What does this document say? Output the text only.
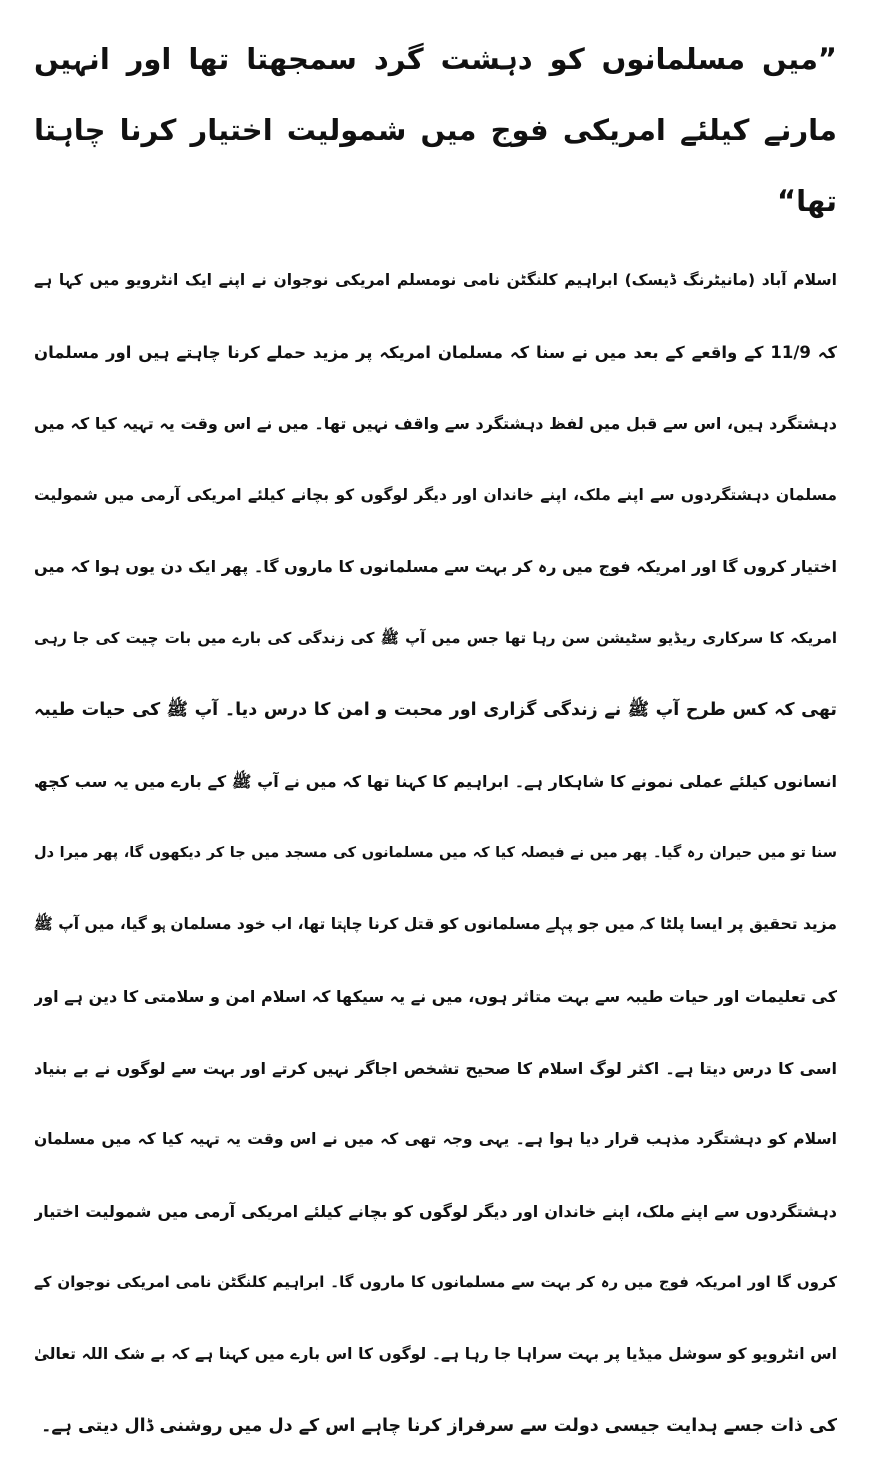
”میں مسلمانوں کو دہشت گرد سمجھتا تھا اور انہیں مارنے کیلئے امریکی فوج میں شمولیت اختیار کرنا چاہتا تھا“
اسلام آباد (مانیٹرنگ ڈیسک) ابراہیم کلنگٹن نامی نومسلم امریکی نوجوان نے اپنے ایک انٹرویو میں کہا ہے
کہ 11/9 کے واقعے کے بعد میں نے سنا کہ مسلمان امریکہ پر مزید حملے کرنا چاہتے ہیں اور مسلمان
دہشتگرد ہیں، اس سے قبل میں لفظ دہشتگرد سے واقف نہیں تھا۔ میں نے اس وقت یہ تہیہ کیا کہ میں
مسلمان دہشتگردوں سے اپنے ملک، اپنے خاندان اور دیگر لوگوں کو بچانے کیلئے امریکی آرمی میں شمولیت
اختیار کروں گا اور امریکہ فوج میں رہ کر بہت سے مسلمانوں کا ماروں گا۔ پھر ایک دن یوں ہوا کہ میں
امریکہ کا سرکاری ریڈیو سٹیشن سن رہا تھا جس میں آپ ﷺ کی زندگی کی بارے میں بات چیت کی جا رہی
تھی کہ کس طرح آپ ﷺ نے زندگی گزاری اور محبت و امن کا درس دیا۔ آپ ﷺ کی حیات طیبہ
انسانوں کیلئے عملی نمونے کا شاہکار ہے۔ ابراہیم کا کہنا تھا کہ میں نے آپ ﷺ کے بارے میں یہ سب کچھ
سنا تو میں حیران رہ گیا۔ پھر میں نے فیصلہ کیا کہ میں مسلمانوں کی مسجد میں جا کر دیکھوں گا، پھر میرا دل
مزید تحقیق پر ایسا پلٹا کہ میں جو پہلے مسلمانوں کو قتل کرنا چاہتا تھا، اب خود مسلمان ہو گیا، میں آپ ﷺ
کی تعلیمات اور حیات طیبہ سے بہت متاثر ہوں، میں نے یہ سیکھا کہ اسلام امن و سلامتی کا دین ہے اور
اسی کا درس دیتا ہے۔ اکثر لوگ اسلام کا صحیح تشخص اجاگر نہیں کرتے اور بہت سے لوگوں نے بے بنیاد
اسلام کو دہشتگرد مذہب قرار دیا ہوا ہے۔ یہی وجہ تھی کہ میں نے اس وقت یہ تہیہ کیا کہ میں مسلمان
دہشتگردوں سے اپنے ملک، اپنے خاندان اور دیگر لوگوں کو بچانے کیلئے امریکی آرمی میں شمولیت اختیار
کروں گا اور امریکہ فوج میں رہ کر بہت سے مسلمانوں کا ماروں گا۔ ابراہیم کلنگٹن نامی امریکی نوجوان کے
اس انٹرویو کو سوشل میڈیا پر بہت سراہا جا رہا ہے۔ لوگوں کا اس بارے میں کہنا ہے کہ بے شک اللہ تعالیٰ
کی ذات جسے ہدایت جیسی دولت سے سرفراز کرنا چاہے اس کے دل میں روشنی ڈال دیتی ہے۔
